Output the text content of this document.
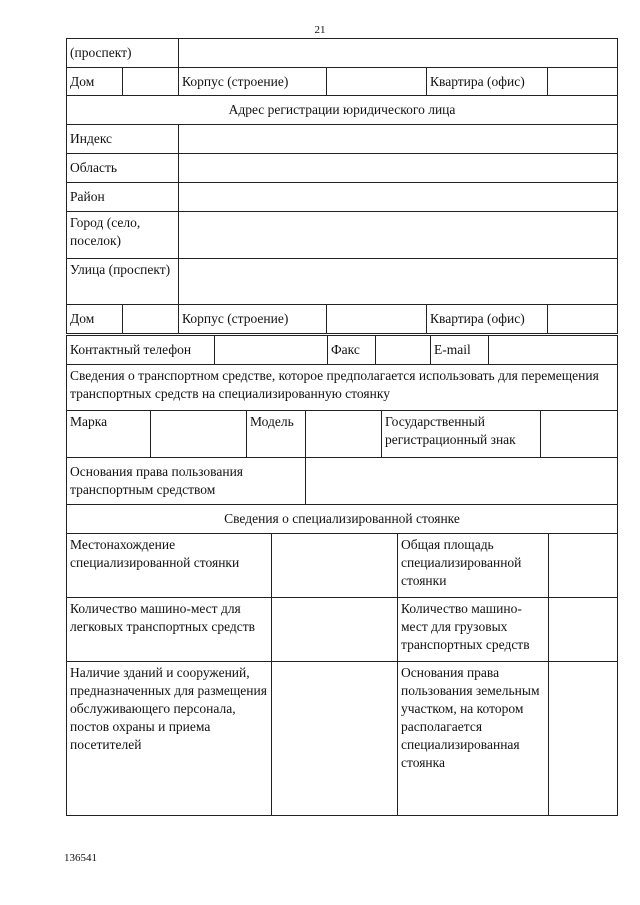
21
(проспект)					
Дом		Корпус (строение)		Квартира (офис)	
Адрес регистрации юридического лица					
Индекс					
Область					
Район					
Город (село, поселок)					
Улица (проспект)					
Дом		Корпус (строение)		Квартира (офис)	
Контактный телефон		Факс		E-mail	
Сведения о транспортном средстве, которое предполагается использовать для перемещения транспортных средств на специализированную стоянку					
Марка		Модель		Государственный регистрационный знак	
Основания права пользования транспортным средством					
Сведения о специализированной стоянке			
Местонахождение специализированной стоянки		Общая площадь специализированной стоянки	
Количество машино-мест для легковых транспортных средств		Количество машино-мест для грузовых транспортных средств	
Наличие зданий и сооружений, предназначенных для размещения обслуживающего персонала, постов охраны и приема посетителей		Основания права пользования земельным участком, на котором располагается специализированная стоянка	
136541
